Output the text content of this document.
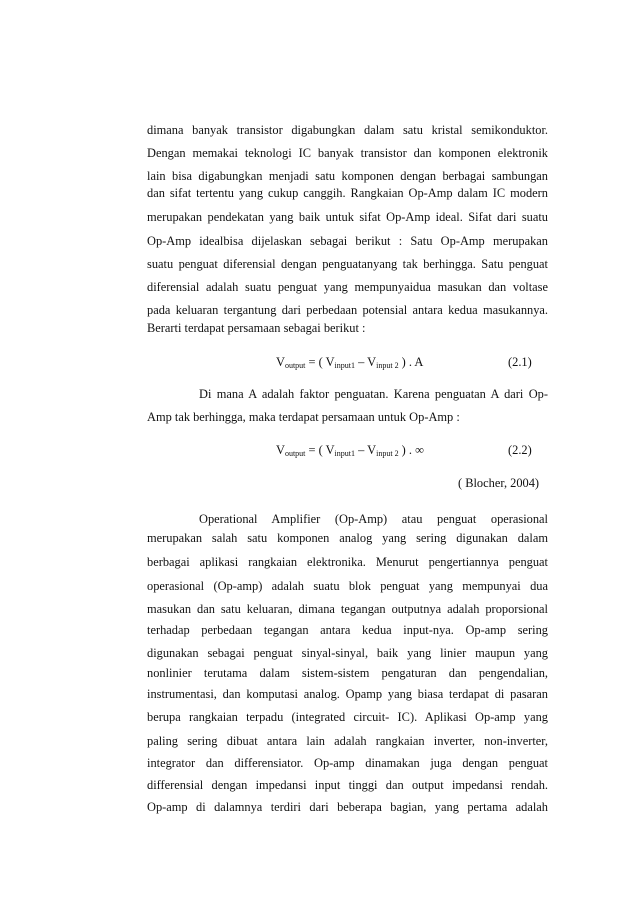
dimana banyak transistor digabungkan dalam satu kristal semikonduktor.
Dengan memakai teknologi IC banyak transistor dan komponen elektronik
lain bisa digabungkan menjadi satu komponen dengan berbagai sambungan
dan sifat tertentu yang cukup canggih. Rangkaian Op-Amp dalam IC modern
merupakan pendekatan yang baik untuk sifat Op-Amp ideal. Sifat dari suatu
Op-Amp idealbisa dijelaskan sebagai berikut : Satu Op-Amp merupakan
suatu penguat diferensial dengan penguatanyang tak berhingga. Satu penguat
diferensial adalah suatu penguat yang mempunyaidua masukan dan voltase
pada keluaran tergantung dari perbedaan potensial antara kedua masukannya.
Berarti terdapat persamaan sebagai berikut :
$V_{output}$ = ( $V_{input1} - V_{input 2}$ ) . A	(2.1)
Di mana A adalah faktor penguatan. Karena penguatan A dari Op-
Amp tak berhingga, maka terdapat persamaan untuk Op-Amp :
$V_{output}$ = ( $V_{input1} - V_{input 2}$ ) . ∞	(2.2)
( Blocher, 2004)
Operational Amplifier (Op-Amp) atau penguat operasional
merupakan salah satu komponen analog yang sering digunakan dalam
berbagai aplikasi rangkaian elektronika. Menurut pengertiannya penguat
operasional (Op-amp) adalah suatu blok penguat yang mempunyai dua
masukan dan satu keluaran, dimana tegangan outputnya adalah proporsional
terhadap perbedaan tegangan antara kedua input-nya. Op-amp sering
digunakan sebagai penguat sinyal-sinyal, baik yang linier maupun yang
nonlinier terutama dalam sistem-sistem pengaturan dan pengendalian,
instrumentasi, dan komputasi analog. Opamp yang biasa terdapat di pasaran
berupa rangkaian terpadu (integrated circuit- IC). Aplikasi Op-amp yang
paling sering dibuat antara lain adalah rangkaian inverter, non-inverter,
integrator dan differensiator. Op-amp dinamakan juga dengan penguat
differensial dengan impedansi input tinggi dan output impedansi rendah.
Op-amp di dalamnya terdiri dari beberapa bagian, yang pertama adalah
